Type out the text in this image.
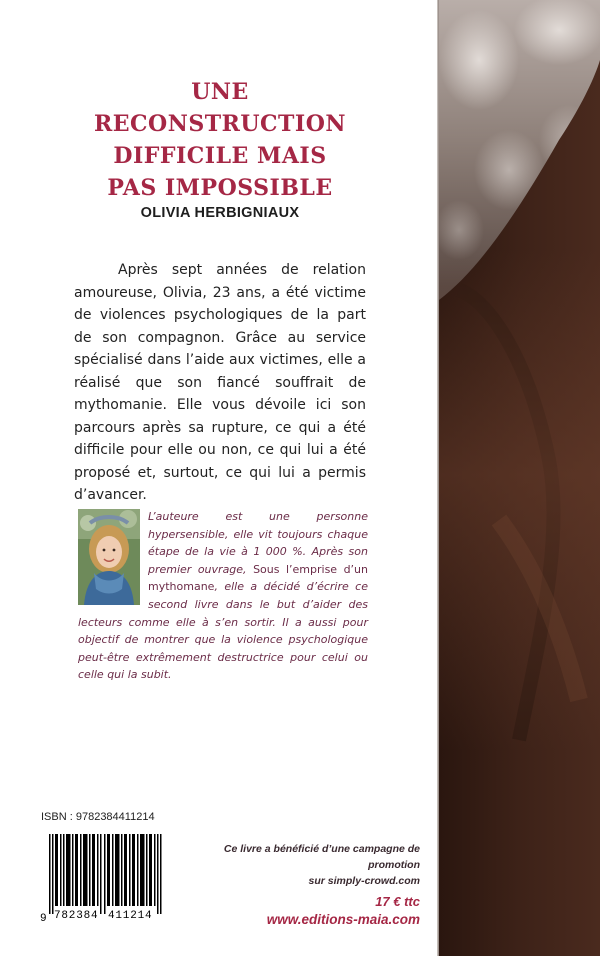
UNE
RECONSTRUCTION
DIFFICILE MAIS
PAS IMPOSSIBLE
OLIVIA HERBIGNIAUX

Après sept années de relation amoureuse, Olivia, 23 ans, a été victime de violences psychologiques de la part de son compagnon. Grâce au service spécialisé dans l’aide aux victimes, elle a réalisé que son fiancé souffrait de mythomanie. Elle vous dévoile ici son parcours après sa rupture, ce qui a été difficile pour elle ou non, ce qui lui a été proposé et, surtout, ce qui lui a permis d’avancer.

L’auteure est une personne hypersensible, elle vit toujours chaque étape de la vie à 1 000 %. Après son premier ouvrage, Sous l’emprise d’un mythomane, elle a décidé d’écrire ce second livre dans le but d’aider des lecteurs comme elle à s’en sortir. Il a aussi pour objectif de montrer que la violence psychologique peut-être extrêmement destructrice pour celui ou celle qui la subit.

ISBN : 9782384411214
9 782384 411214
Ce livre a bénéficié d’une campagne de promotion
sur simply-crowd.com
17 € ttc
www.editions-maia.com
